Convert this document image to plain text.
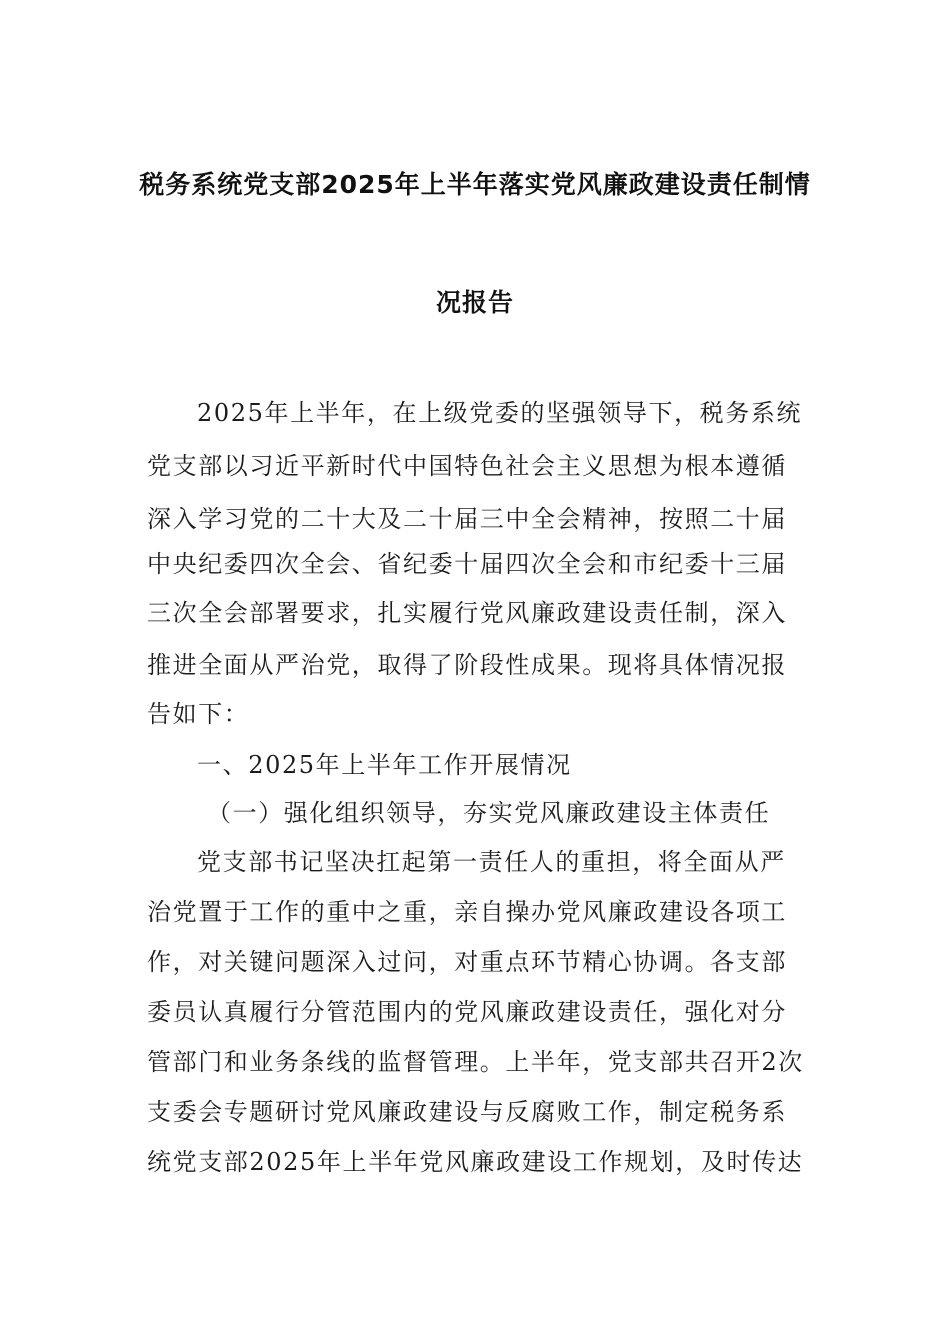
税务系统党支部2025年上半年落实党风廉政建设责任制情
况报告
2025年上半年，在上级党委的坚强领导下，税务系统
党支部以习近平新时代中国特色社会主义思想为根本遵循
深入学习党的二十大及二十届三中全会精神，按照二十届
中央纪委四次全会、省纪委十届四次全会和市纪委十三届
三次全会部署要求，扎实履行党风廉政建设责任制，深入
推进全面从严治党，取得了阶段性成果。现将具体情况报
告如下：
一、2025年上半年工作开展情况
（一）强化组织领导，夯实党风廉政建设主体责任
党支部书记坚决扛起第一责任人的重担，将全面从严
治党置于工作的重中之重，亲自操办党风廉政建设各项工
作，对关键问题深入过问，对重点环节精心协调。各支部
委员认真履行分管范围内的党风廉政建设责任，强化对分
管部门和业务条线的监督管理。上半年，党支部共召开2次
支委会专题研讨党风廉政建设与反腐败工作，制定税务系
统党支部2025年上半年党风廉政建设工作规划，及时传达
